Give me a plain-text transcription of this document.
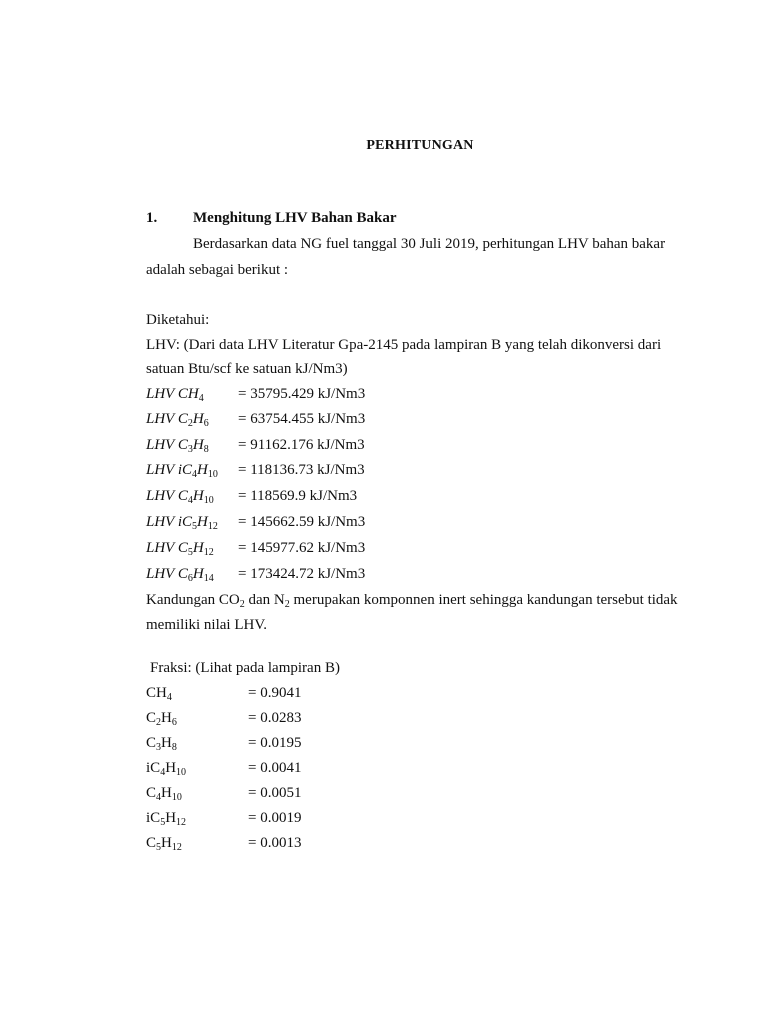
PERHITUNGAN
1. Menghitung LHV Bahan Bakar
Berdasarkan data NG fuel tanggal 30 Juli 2019, perhitungan LHV bahan bakar
adalah sebagai berikut :
Diketahui:
LHV: (Dari data LHV Literatur Gpa-2145 pada lampiran B yang telah dikonversi dari
satuan Btu/scf ke satuan kJ/Nm3)
LHV $CH_4 = 35795.429$ kJ/Nm3
LHV $C_2H_6 = 63754.455$ kJ/Nm3
LHV $C_3H_8 = 91162.176$ kJ/Nm3
LHV $iC_4H_{10} = 118136.73$ kJ/Nm3
LHV $C_4H_{10} = 118569.9$ kJ/Nm3
LHV $iC_5H_{12} = 145662.59$ kJ/Nm3
LHV $C_5H_{12} = 145977.62$ kJ/Nm3
LHV $C_6H_{14} = 173424.72$ kJ/Nm3
Kandungan $CO_2$ dan $N_2$ merupakan komponnen inert sehingga kandungan tersebut tidak
memiliki nilai LHV.
Fraksi: (Lihat pada lampiran B)
$CH_4$	= 0.9041
$C_2H_6$	= 0.0283
$C_3H_8$	= 0.0195
$iC_4H_{10}$	= 0.0041
$C_4H_{10}$	= 0.0051
$iC_5H_{12}$	= 0.0019
$C_5H_{12}$	= 0.0013
